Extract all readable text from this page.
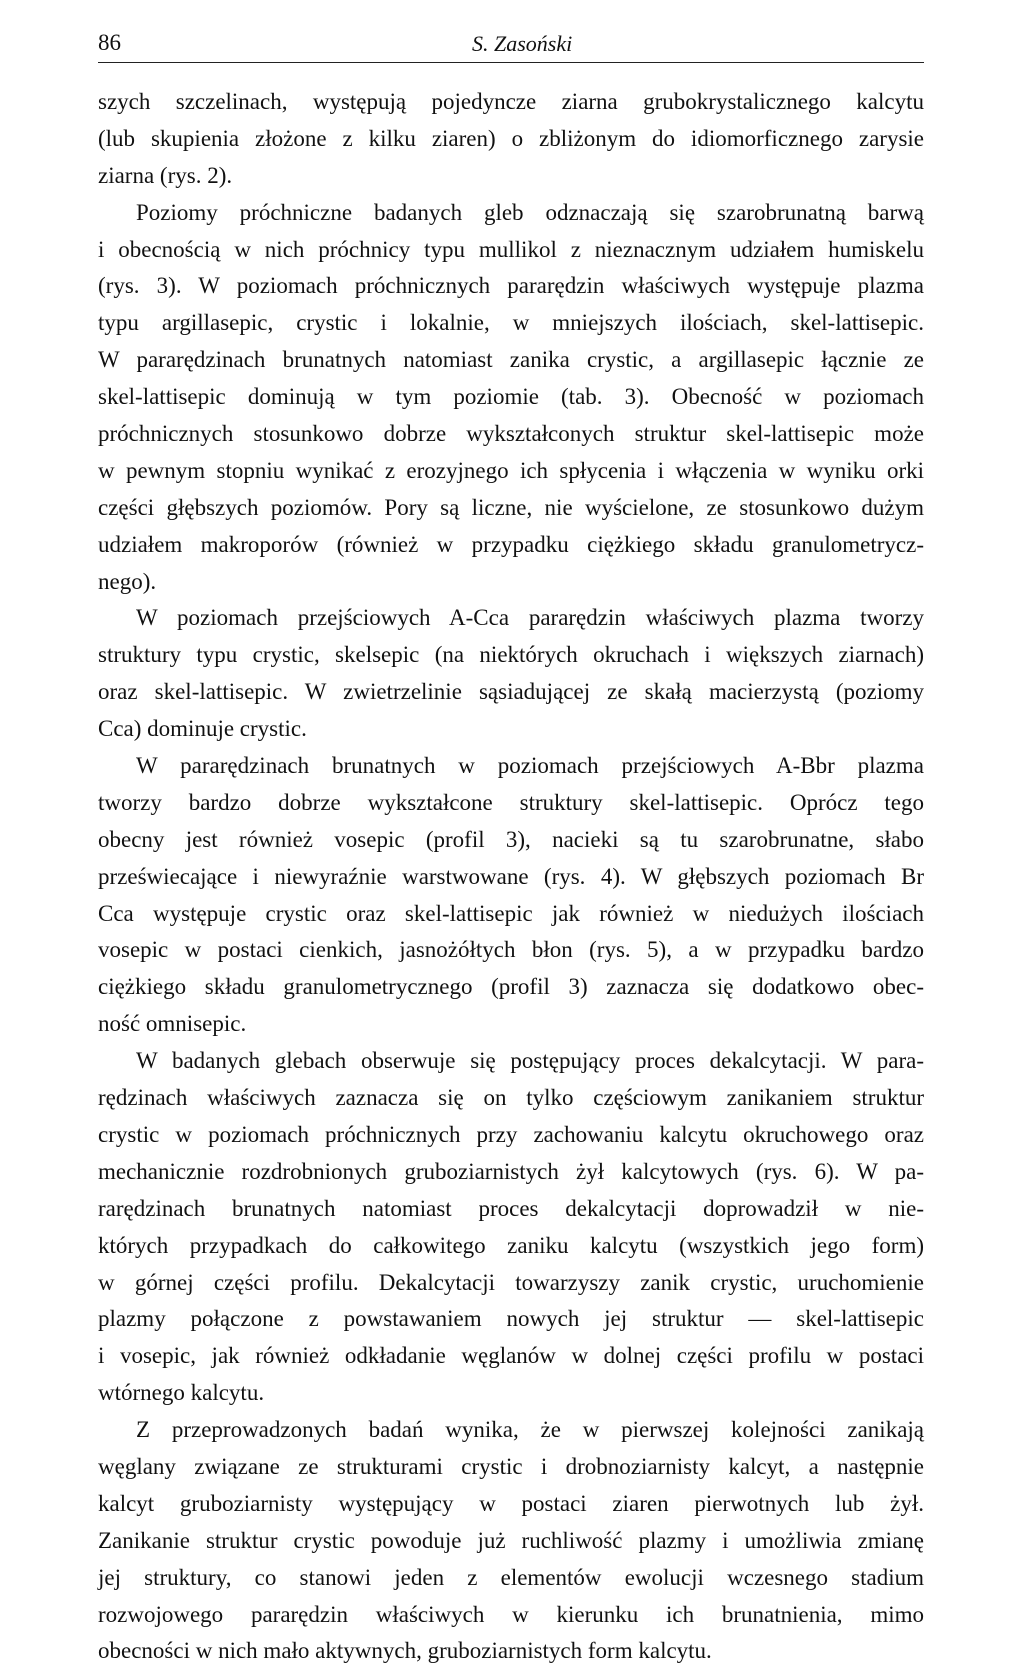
86	S. Zasoński
szych szczelinach, występują pojedyncze ziarna grubokrystalicznego kalcytu
(lub skupienia złożone z kilku ziaren) o zbliżonym do idiomorficznego zarysie
ziarna (rys. 2).
Poziomy próchniczne badanych gleb odznaczają się szarobrunatną barwą
i obecnością w nich próchnicy typu mullikol z nieznacznym udziałem humiskelu
(rys. 3). W poziomach próchnicznych pararędzin właściwych występuje plazma
typu argillasepic, crystic i lokalnie, w mniejszych ilościach, skel-lattisepic.
W pararędzinach brunatnych natomiast zanika crystic, a argillasepic łącznie ze
skel-lattisepic dominują w tym poziomie (tab. 3). Obecność w poziomach
próchnicznych stosunkowo dobrze wykształconych struktur skel-lattisepic może
w pewnym stopniu wynikać z erozyjnego ich spłycenia i włączenia w wyniku orki
części głębszych poziomów. Pory są liczne, nie wyścielone, ze stosunkowo dużym
udziałem makroporów (również w przypadku ciężkiego składu granulometrycz-
nego).
W poziomach przejściowych A-Cca pararędzin właściwych plazma tworzy
struktury typu crystic, skelsepic (na niektórych okruchach i większych ziarnach)
oraz skel-lattisepic. W zwietrzelinie sąsiadującej ze skałą macierzystą (poziomy
Cca) dominuje crystic.
W pararędzinach brunatnych w poziomach przejściowych A-Bbr plazma
tworzy bardzo dobrze wykształcone struktury skel-lattisepic. Oprócz tego
obecny jest również vosepic (profil 3), nacieki są tu szarobrunatne, słabo
przeświecające i niewyraźnie warstwowane (rys. 4). W głębszych poziomach Br
Cca występuje crystic oraz skel-lattisepic jak również w niedużych ilościach
vosepic w postaci cienkich, jasnożółtych błon (rys. 5), a w przypadku bardzo
ciężkiego składu granulometrycznego (profil 3) zaznacza się dodatkowo obec-
ność omnisepic.
W badanych glebach obserwuje się postępujący proces dekalcytacji. W para-
rędzinach właściwych zaznacza się on tylko częściowym zanikaniem struktur
crystic w poziomach próchnicznych przy zachowaniu kalcytu okruchowego oraz
mechanicznie rozdrobnionych gruboziarnistych żył kalcytowych (rys. 6). W pa-
rarędzinach brunatnych natomiast proces dekalcytacji doprowadził w nie-
których przypadkach do całkowitego zaniku kalcytu (wszystkich jego form)
w górnej części profilu. Dekalcytacji towarzyszy zanik crystic, uruchomienie
plazmy połączone z powstawaniem nowych jej struktur — skel-lattisepic
i vosepic, jak również odkładanie węglanów w dolnej części profilu w postaci
wtórnego kalcytu.
Z przeprowadzonych badań wynika, że w pierwszej kolejności zanikają
węglany związane ze strukturami crystic i drobnoziarnisty kalcyt, a następnie
kalcyt gruboziarnisty występujący w postaci ziaren pierwotnych lub żył.
Zanikanie struktur crystic powoduje już ruchliwość plazmy i umożliwia zmianę
jej struktury, co stanowi jeden z elementów ewolucji wczesnego stadium
rozwojowego pararędzin właściwych w kierunku ich brunatnienia, mimo
obecności w nich mało aktywnych, gruboziarnistych form kalcytu.
